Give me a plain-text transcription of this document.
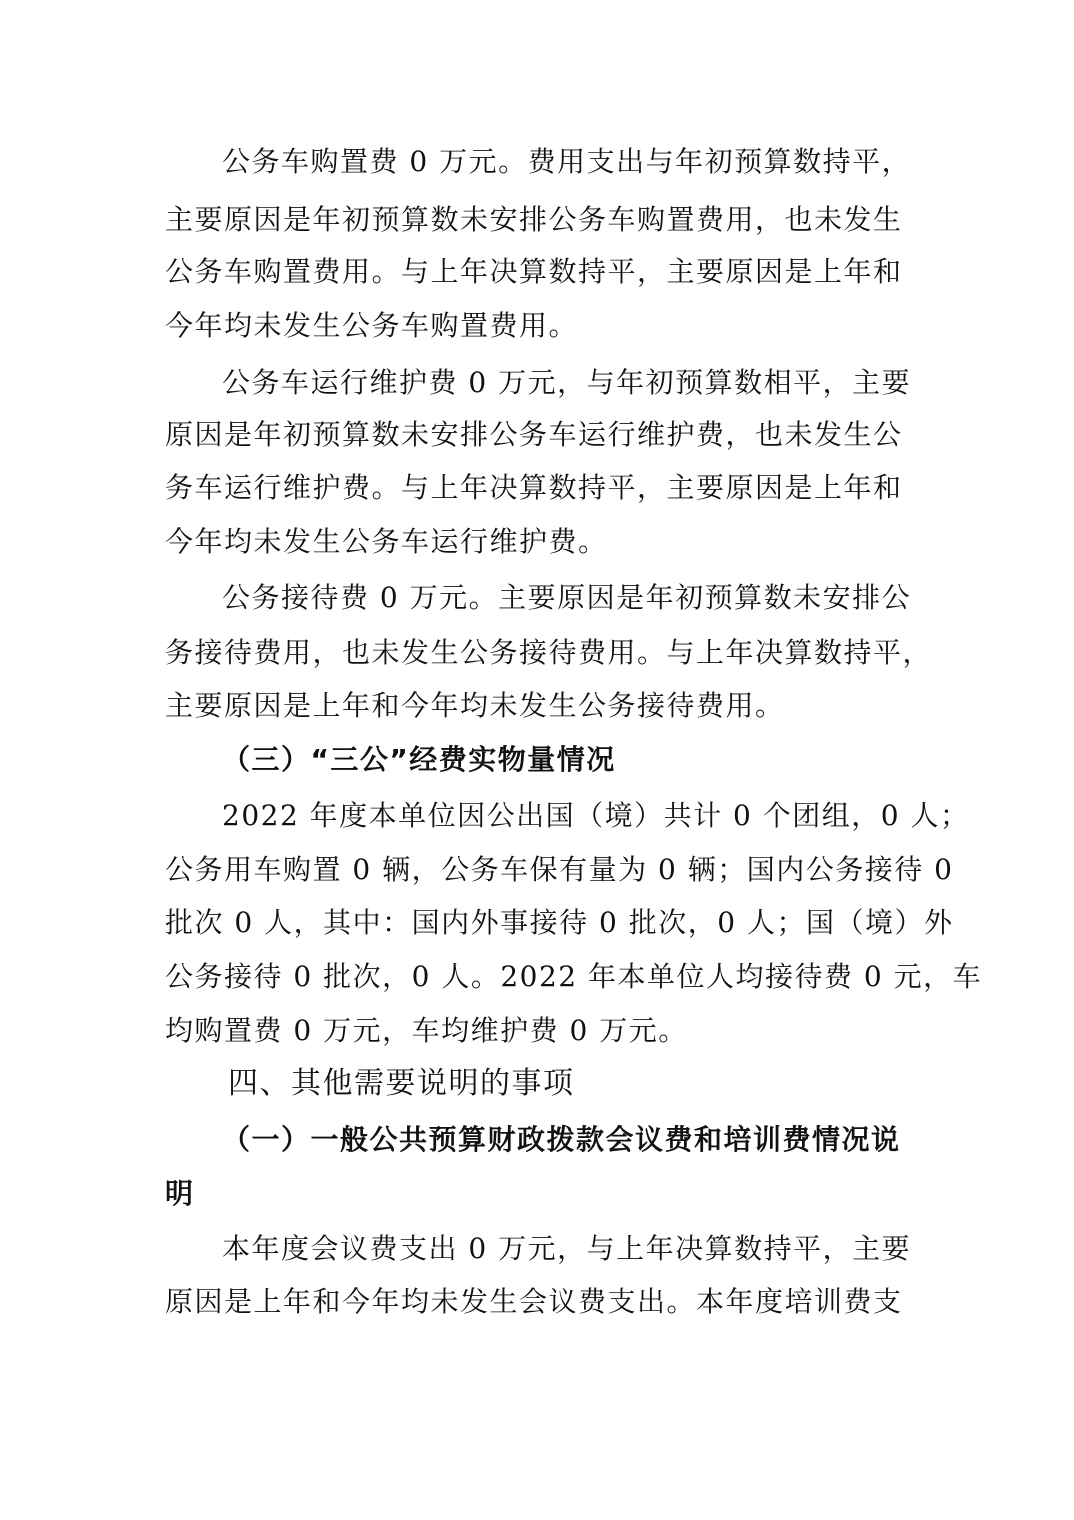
公务车购置费 0 万元。费用支出与年初预算数持平，
主要原因是年初预算数未安排公务车购置费用，也未发生
公务车购置费用。与上年决算数持平，主要原因是上年和
今年均未发生公务车购置费用。
公务车运行维护费 0 万元，与年初预算数相平，主要
原因是年初预算数未安排公务车运行维护费，也未发生公
务车运行维护费。与上年决算数持平，主要原因是上年和
今年均未发生公务车运行维护费。
公务接待费 0 万元。主要原因是年初预算数未安排公
务接待费用，也未发生公务接待费用。与上年决算数持平，
主要原因是上年和今年均未发生公务接待费用。
（三）“三公”经费实物量情况
2022 年度本单位因公出国（境）共计 0 个团组，0 人；
公务用车购置 0 辆，公务车保有量为 0 辆；国内公务接待 0
批次 0 人，其中：国内外事接待 0 批次，0 人；国（境）外
公务接待 0 批次，0 人。2022 年本单位人均接待费 0 元，车
均购置费 0 万元，车均维护费 0 万元。
四、其他需要说明的事项
（一）一般公共预算财政拨款会议费和培训费情况说
明
本年度会议费支出 0 万元，与上年决算数持平，主要
原因是上年和今年均未发生会议费支出。本年度培训费支
